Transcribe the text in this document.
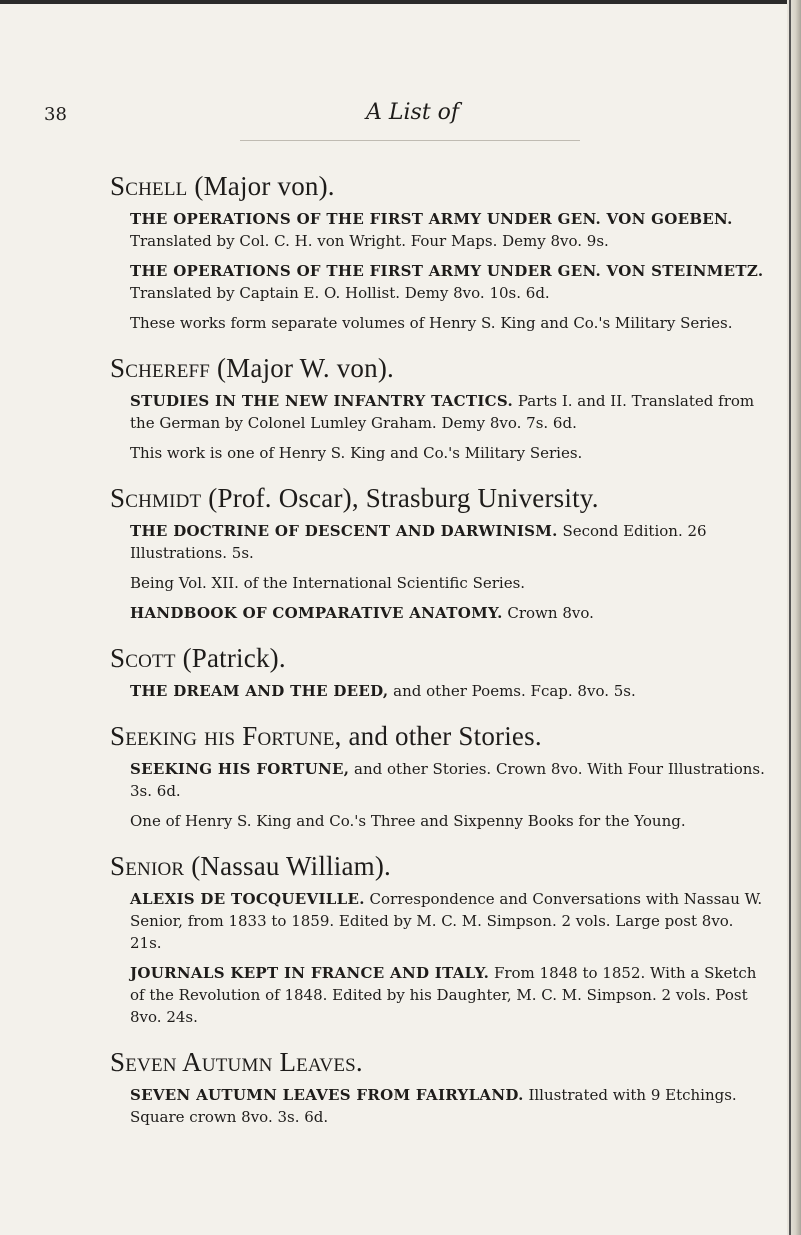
38	A List of

Schell (Major von).

THE OPERATIONS OF THE FIRST ARMY UNDER GEN. VON GOEBEN. Translated by Col. C. H. von Wright. Four Maps. Demy 8vo. 9s.

THE OPERATIONS OF THE FIRST ARMY UNDER GEN. VON STEINMETZ. Translated by Captain E. O. Hollist. Demy 8vo. 10s. 6d.

These works form separate volumes of Henry S. King and Co.'s Military Series.

Schereff (Major W. von).

STUDIES IN THE NEW INFANTRY TACTICS. Parts I. and II. Translated from the German by Colonel Lumley Graham. Demy 8vo. 7s. 6d.

This work is one of Henry S. King and Co.'s Military Series.

Schmidt (Prof. Oscar), Strasburg University.

THE DOCTRINE OF DESCENT AND DARWINISM. Second Edition. 26 Illustrations. 5s.

Being Vol. XII. of the International Scientific Series.

HANDBOOK OF COMPARATIVE ANATOMY. Crown 8vo.

Scott (Patrick).

THE DREAM AND THE DEED, and other Poems. Fcap. 8vo. 5s.

Seeking his Fortune, and other Stories.

SEEKING HIS FORTUNE, and other Stories. Crown 8vo. With Four Illustrations. 3s. 6d.

One of Henry S. King and Co.'s Three and Sixpenny Books for the Young.

Senior (Nassau William).

ALEXIS DE TOCQUEVILLE. Correspondence and Conversations with Nassau W. Senior, from 1833 to 1859. Edited by M. C. M. Simpson. 2 vols. Large post 8vo. 21s.

JOURNALS KEPT IN FRANCE AND ITALY. From 1848 to 1852. With a Sketch of the Revolution of 1848. Edited by his Daughter, M. C. M. Simpson. 2 vols. Post 8vo. 24s.

Seven Autumn Leaves.

SEVEN AUTUMN LEAVES FROM FAIRYLAND. Illustrated with 9 Etchings. Square crown 8vo. 3s. 6d.
